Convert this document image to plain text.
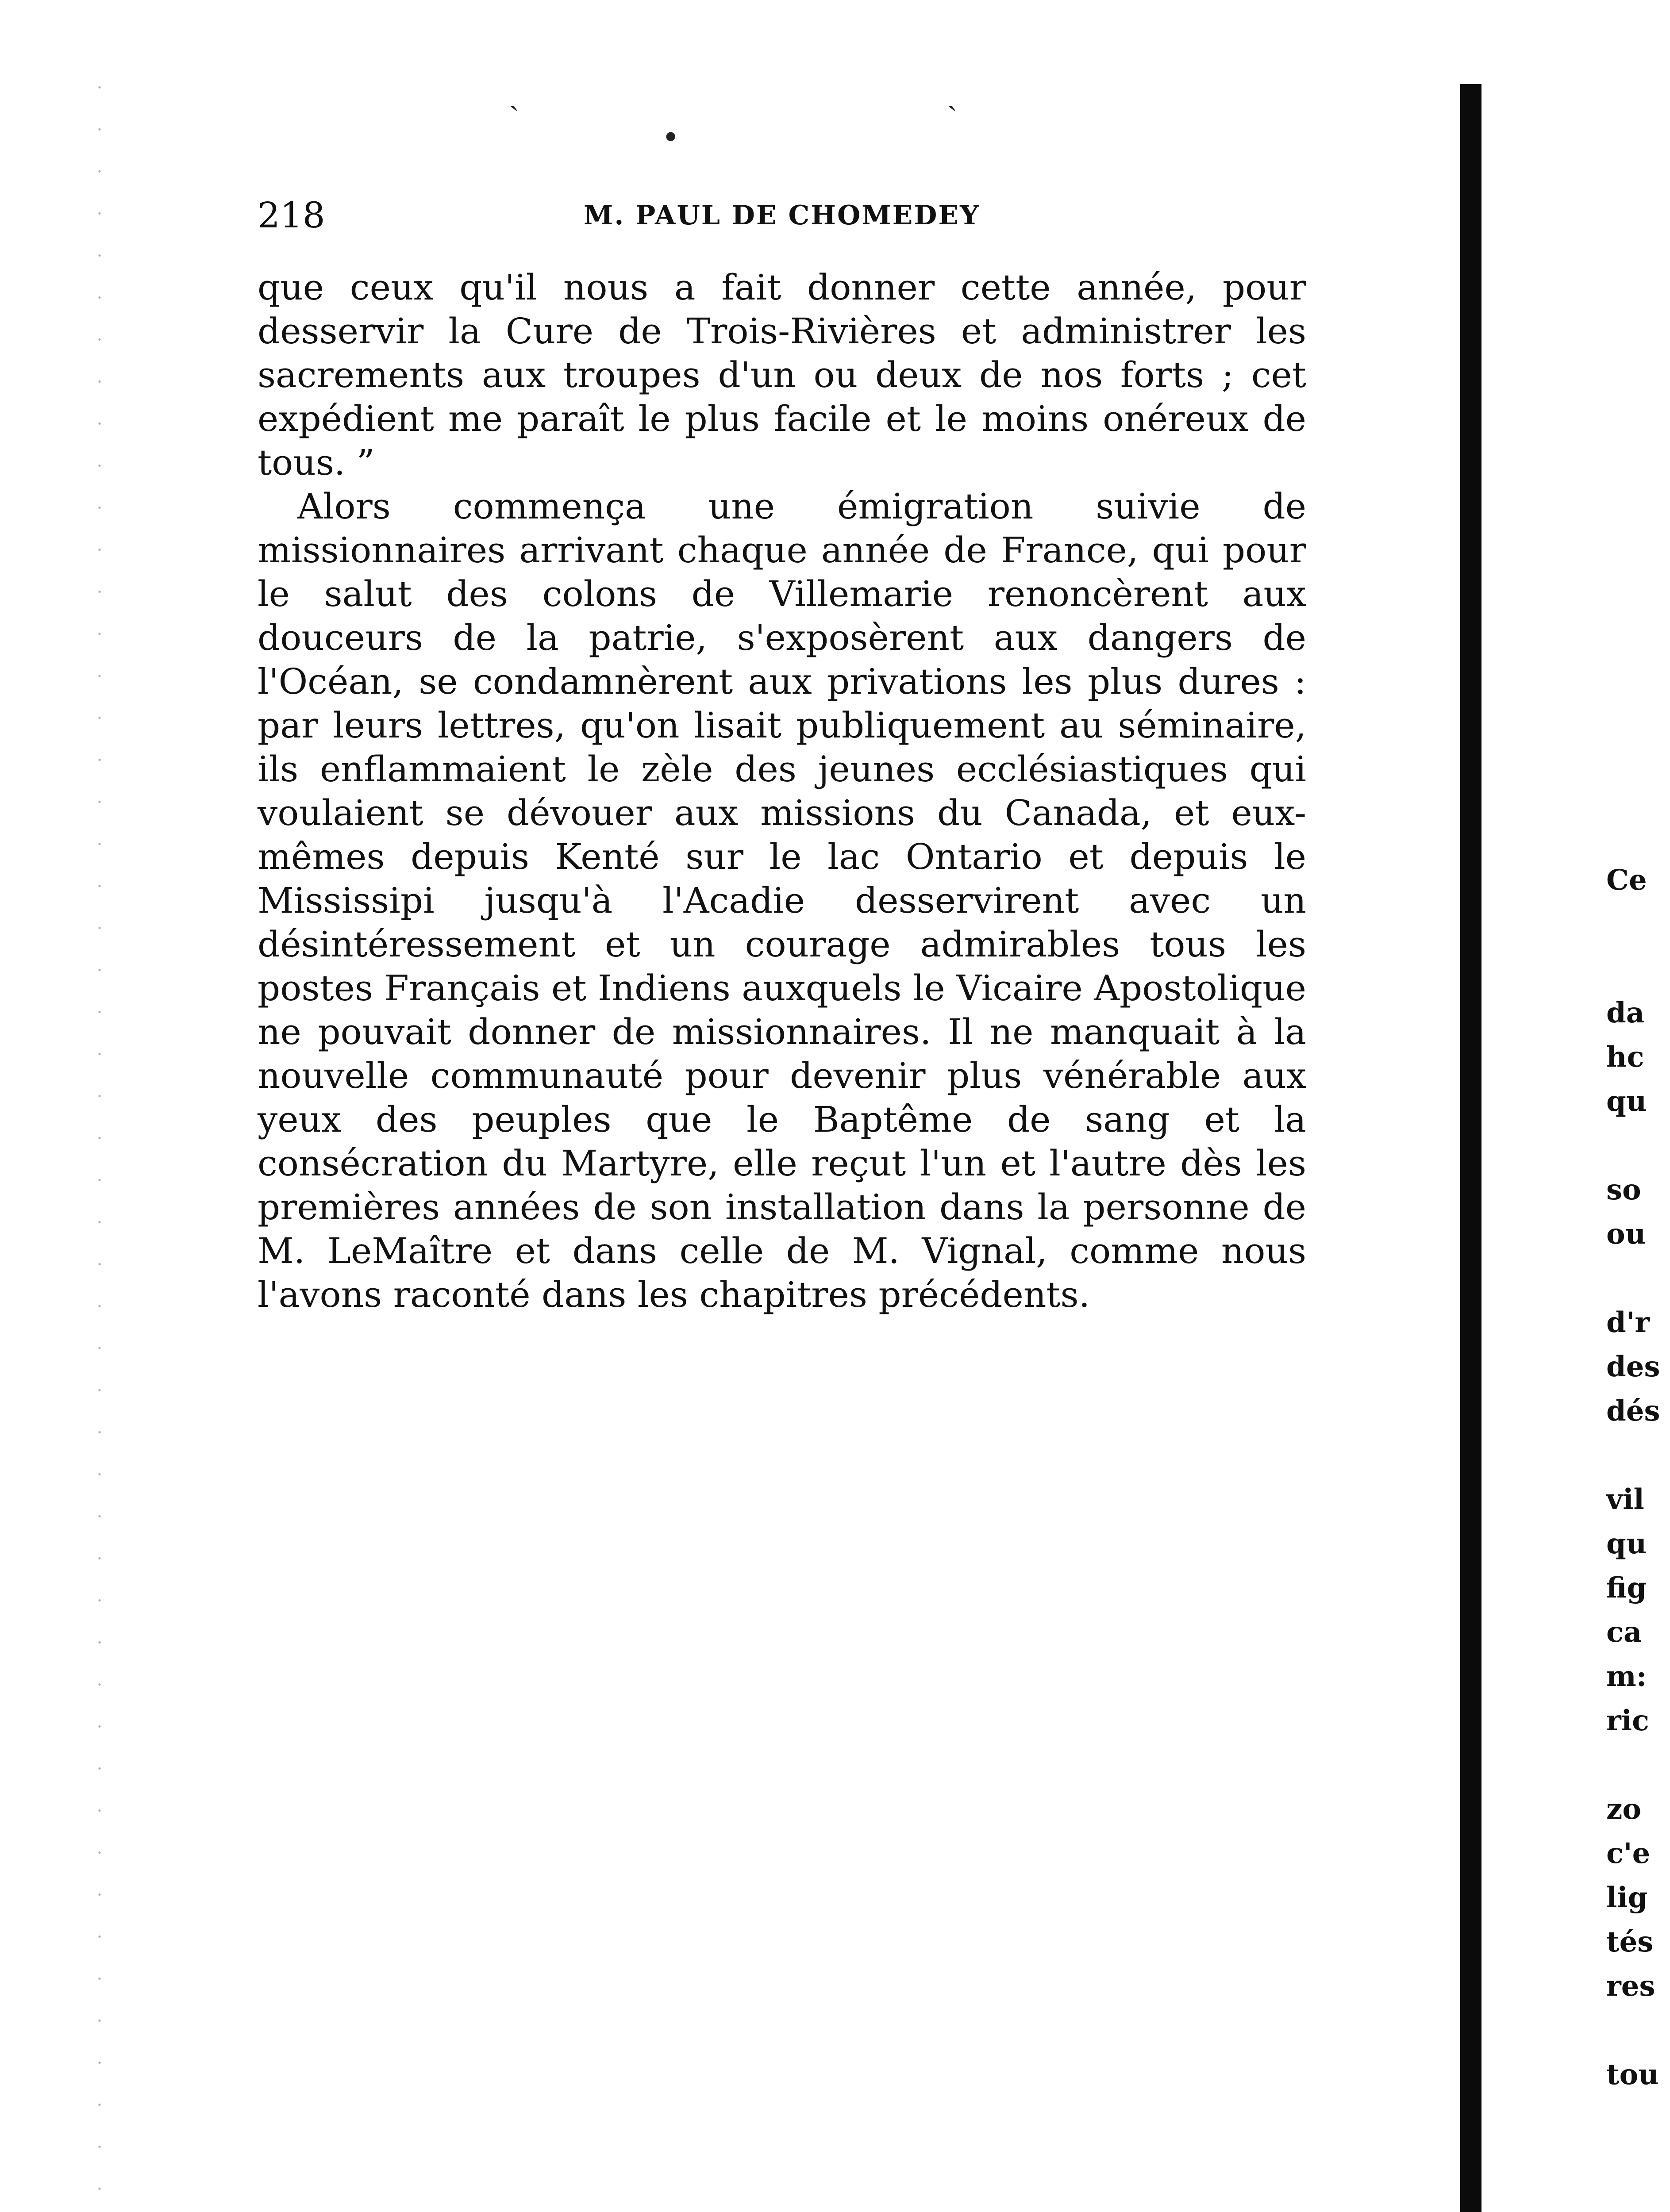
ˎ	ˏ
•
218	M. PAUL DE CHOMEDEY

que ceux qu'il nous a fait donner cette année, pour desservir la Cure de Trois-Rivières et administrer les sacrements aux troupes d'un ou deux de nos forts ; cet expédient me paraît le plus facile et le moins onéreux de tous. ”

Alors commença une émigration suivie de missionnaires arrivant chaque année de France, qui pour le salut des colons de Villemarie renoncèrent aux douceurs de la patrie, s'exposèrent aux dangers de l'Océan, se condamnèrent aux privations les plus dures : par leurs lettres, qu'on lisait publiquement au séminaire, ils enflammaient le zèle des jeunes ecclésiastiques qui voulaient se dévouer aux missions du Canada, et eux-mêmes depuis Kenté sur le lac Ontario et depuis le Mississipi jusqu'à l'Acadie desservirent avec un désintéressement et un courage admirables tous les postes Français et Indiens auxquels le Vicaire Apostolique ne pouvait donner de missionnaires. Il ne manquait à la nouvelle communauté pour devenir plus vénérable aux yeux des peuples que le Baptême de sang et la consécration du Martyre, elle reçut l'un et l'autre dès les premières années de son installation dans la personne de M. LeMaître et dans celle de M. Vignal, comme nous l'avons raconté dans les chapitres précédents.

Ce
da
hc
qu
so
ou
d'r
des
dés
vil
qu
fig
ca
m:
ric
zo
c'e
lig
tés
res
tou
